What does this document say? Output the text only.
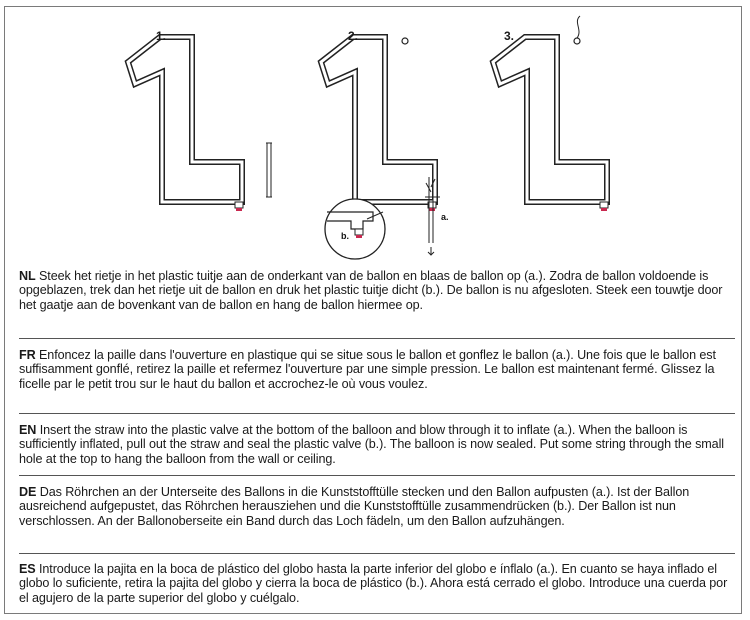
a.
b.
1.	2.	3.
NL Steek het rietje in het plastic tuitje aan de onderkant van de ballon en blaas de ballon op (a.). Zodra de ballon voldoende is opgeblazen, trek dan het rietje uit de ballon en druk het plastic tuitje dicht (b.). De ballon is nu afgesloten. Steek een touwtje door het gaatje aan de bovenkant van de ballon en hang de ballon hiermee op.
FR Enfoncez la paille dans l'ouverture en plastique qui se situe sous le ballon et gonflez le ballon (a.). Une fois que le ballon est suffisamment gonflé, retirez la paille et refermez l'ouverture par une simple pression. Le ballon est maintenant fermé. Glissez la ficelle par le petit trou sur le haut du ballon et accrochez-le où vous voulez.
EN Insert the straw into the plastic valve at the bottom of the balloon and blow through it to inflate (a.). When the balloon is sufficiently inflated, pull out the straw and seal the plastic valve (b.). The balloon is now sealed. Put some string through the small hole at the top to hang the balloon from the wall or ceiling.
DE Das Röhrchen an der Unterseite des Ballons in die Kunststofftülle stecken und den Ballon aufpusten (a.). Ist der Ballon ausreichend aufgepustet, das Röhrchen herausziehen und die Kunststofftülle zusammendrücken (b.). Der Ballon ist nun verschlossen. An der Ballonoberseite ein Band durch das Loch fädeln, um den Ballon aufzuhängen.
ES Introduce la pajita en la boca de plástico del globo hasta la parte inferior del globo e ínflalo (a.). En cuanto se haya inflado el globo lo suficiente, retira la pajita del globo y cierra la boca de plástico (b.). Ahora está cerrado el globo. Introduce una cuerda por el agujero de la parte superior del globo y cuélgalo.
